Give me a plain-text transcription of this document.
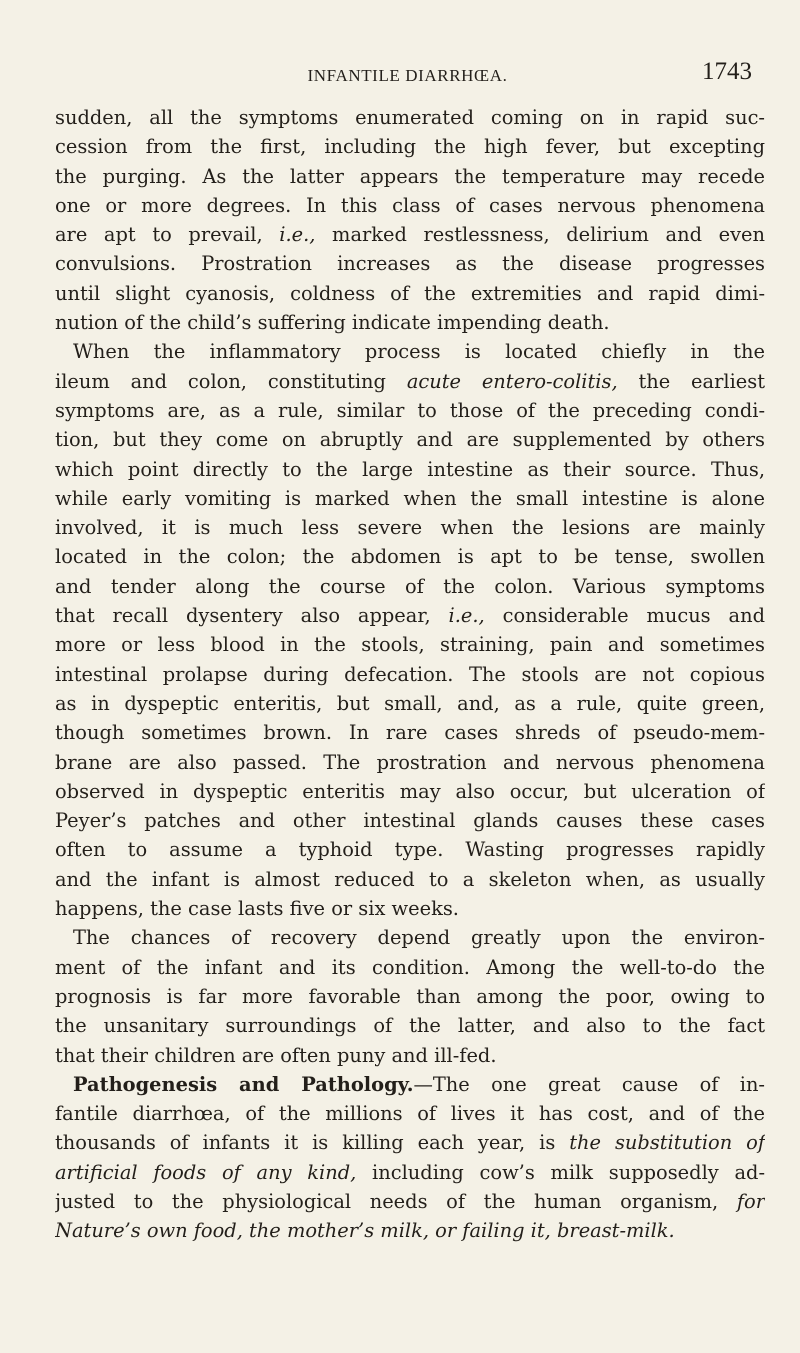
INFANTILE DIARRHŒA.	1743
sudden, all the symptoms enumerated coming on in rapid suc-
cession from the first, including the high fever, but excepting
the purging. As the latter appears the temperature may recede
one or more degrees. In this class of cases nervous phenomena
are apt to prevail, i.e., marked restlessness, delirium and even
convulsions. Prostration increases as the disease progresses
until slight cyanosis, coldness of the extremities and rapid dimi-
nution of the child’s suffering indicate impending death.
When the inflammatory process is located chiefly in the
ileum and colon, constituting acute entero-colitis, the earliest
symptoms are, as a rule, similar to those of the preceding condi-
tion, but they come on abruptly and are supplemented by others
which point directly to the large intestine as their source. Thus,
while early vomiting is marked when the small intestine is alone
involved, it is much less severe when the lesions are mainly
located in the colon; the abdomen is apt to be tense, swollen
and tender along the course of the colon. Various symptoms
that recall dysentery also appear, i.e., considerable mucus and
more or less blood in the stools, straining, pain and sometimes
intestinal prolapse during defecation. The stools are not copious
as in dyspeptic enteritis, but small, and, as a rule, quite green,
though sometimes brown. In rare cases shreds of pseudo-mem-
brane are also passed. The prostration and nervous phenomena
observed in dyspeptic enteritis may also occur, but ulceration of
Peyer’s patches and other intestinal glands causes these cases
often to assume a typhoid type. Wasting progresses rapidly
and the infant is almost reduced to a skeleton when, as usually
happens, the case lasts five or six weeks.
The chances of recovery depend greatly upon the environ-
ment of the infant and its condition. Among the well-to-do the
prognosis is far more favorable than among the poor, owing to
the unsanitary surroundings of the latter, and also to the fact
that their children are often puny and ill-fed.
Pathogenesis and Pathology.—The one great cause of in-
fantile diarrhœa, of the millions of lives it has cost, and of the
thousands of infants it is killing each year, is the substitution of
artificial foods of any kind, including cow’s milk supposedly ad-
justed to the physiological needs of the human organism, for
Nature’s own food, the mother’s milk, or failing it, breast-milk.
